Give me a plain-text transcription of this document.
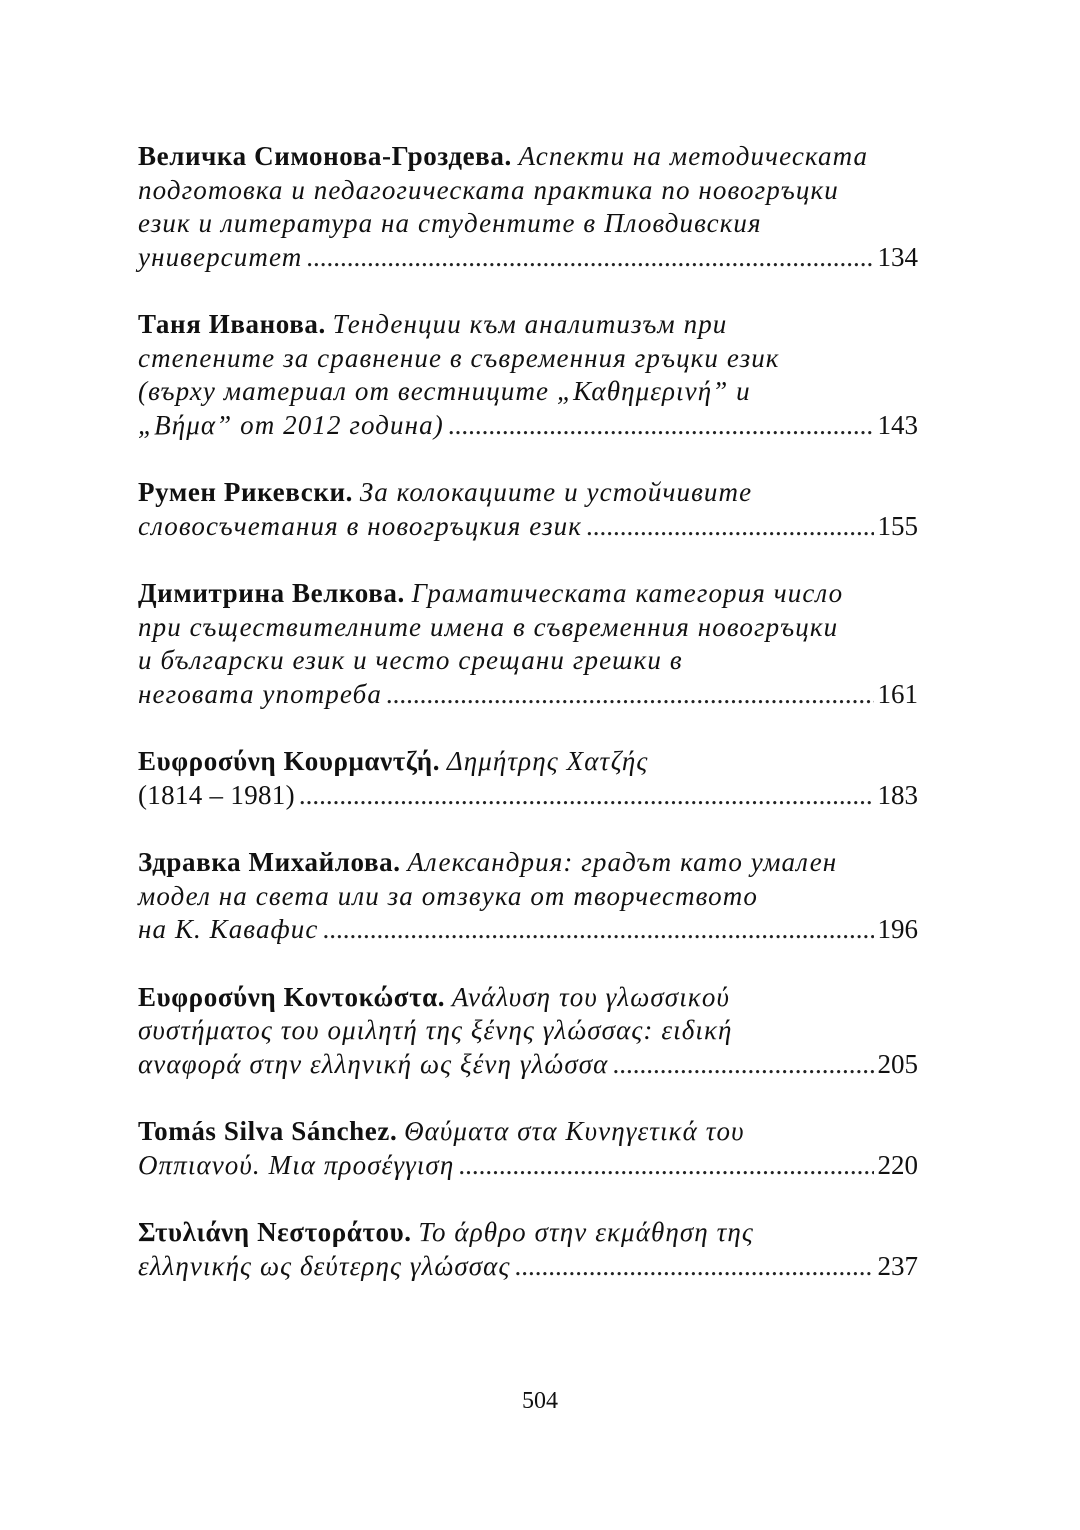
Величка Симонова-Гроздева. Аспекти на методическата
подготовка и педагогическата практика по новогръцки
език и литература на студентите в Пловдивския
университет .....	134
Таня Иванова. Тенденции към аналитизъм при
степените за сравнение в съвременния гръцки език
(върху материал от вестниците „Καθημερινή” и
„Βήμα” от 2012 година) .....	143
Румен Рикевски. За колокациите и устойчивите
словосъчетания в новогръцкия език .....	155
Димитрина Велкова. Граматическата категория число
при съществителните имена в съвременния новогръцки
и български език и често срещани грешки в
неговата употреба .....	161
Ευφροσύνη Κουρμαντζή. Δημήτρης Χατζής
(1814 – 1981) .....	183
Здравка Михайлова. Александрия: градът като умален
модел на света или за отзвука от творчеството
на К. Кавафис .....	196
Ευφροσύνη Κοντοκώστα. Ανάλυση του γλωσσικού
συστήματος του ομιλητή της ξένης γλώσσας: ειδική
αναφορά στην ελληνική ως ξένη γλώσσα .....	205
Tomás Silva Sánchez. Θαύματα στα Κυνηγετικά του
Οππιανού. Μια προσέγγιση .....	220
Στυλιάνη Νεστοράτου. Το άρθρο στην εκμάθηση της
ελληνικής ως δεύτερης γλώσσας .....	237
504
